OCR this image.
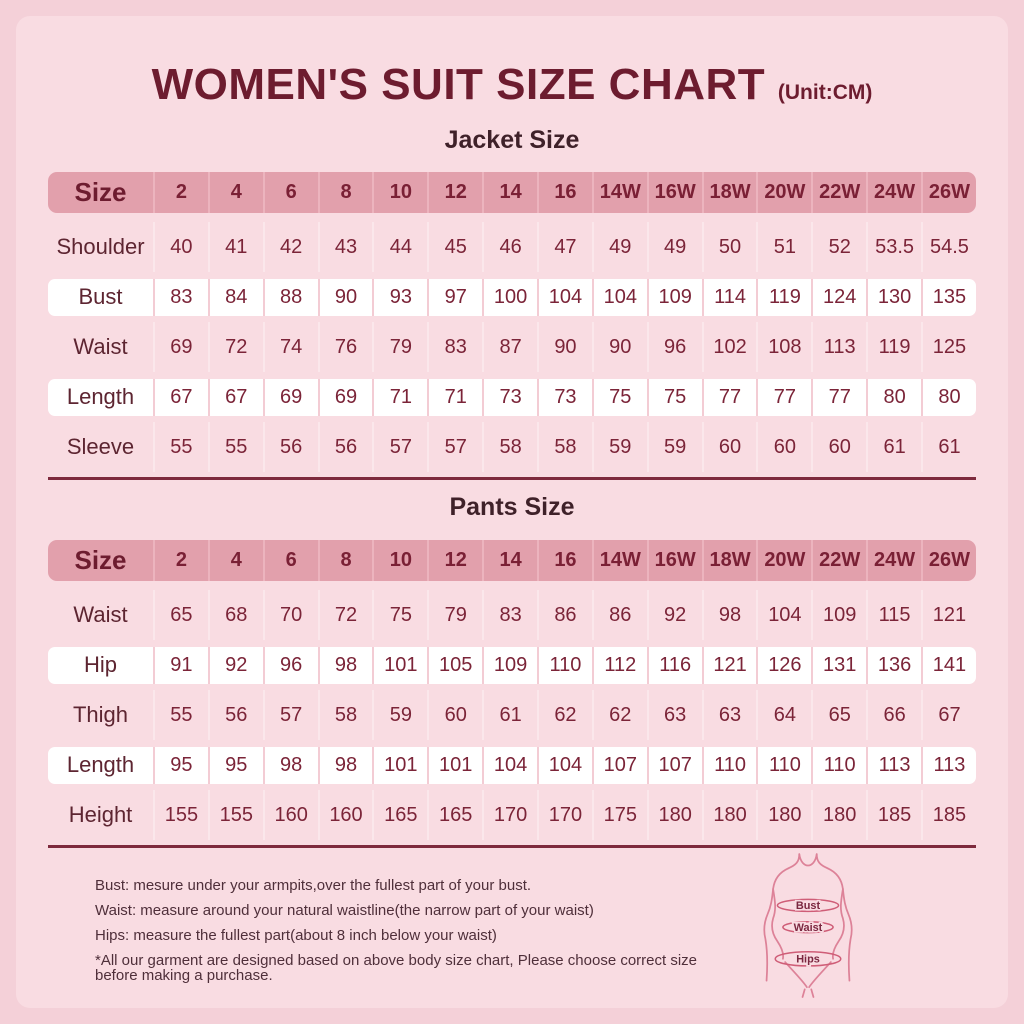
WOMEN'S SUIT SIZE CHART (Unit:CM)
Jacket Size
Size	2	4	6	8	10	12	14	16	14W 16W 18W 20W 22W 24W 26W
Shoulder	40	41	42	43	44	45	46	47	49	49	50	51	52	53.5 54.5
Bust	83	84	88	90	93	97	100	104	104	109	114	119	124	130	135
Waist	69	72	74	76	79	83	87	90	90	96	102	108	113	119	125
Length	67	67	69	69	71	71	73	73	75	75	77	77	77	80	80
Sleeve	55	55	56	56	57	57	58	58	59	59	60	60	60	61	61
Pants Size
Size	2	4	6	8	10	12	14	16	14W 16W 18W 20W 22W 24W 26W
Waist	65	68	70	72	75	79	83	86	86	92	98	104	109	115	121
Hip	91	92	96	98	101	105	109	110	112	116	121	126	131	136	141
Thigh	55	56	57	58	59	60	61	62	62	63	63	64	65	66	67
Length	95	95	98	98	101	101	104	104	107	107	110	110	110	113	113
Height	155	155	160	160	165	165	170	170	175	180	180	180	180	185	185
Bust: mesure under your armpits,over the fullest part of your bust.
Waist: measure around your natural waistline(the narrow part of your waist)
Hips: measure the fullest part(about 8 inch below your waist)
*All our garment are designed based on above body size chart, Please choose correct size before making a purchase.
Bust
Waist
Hips
